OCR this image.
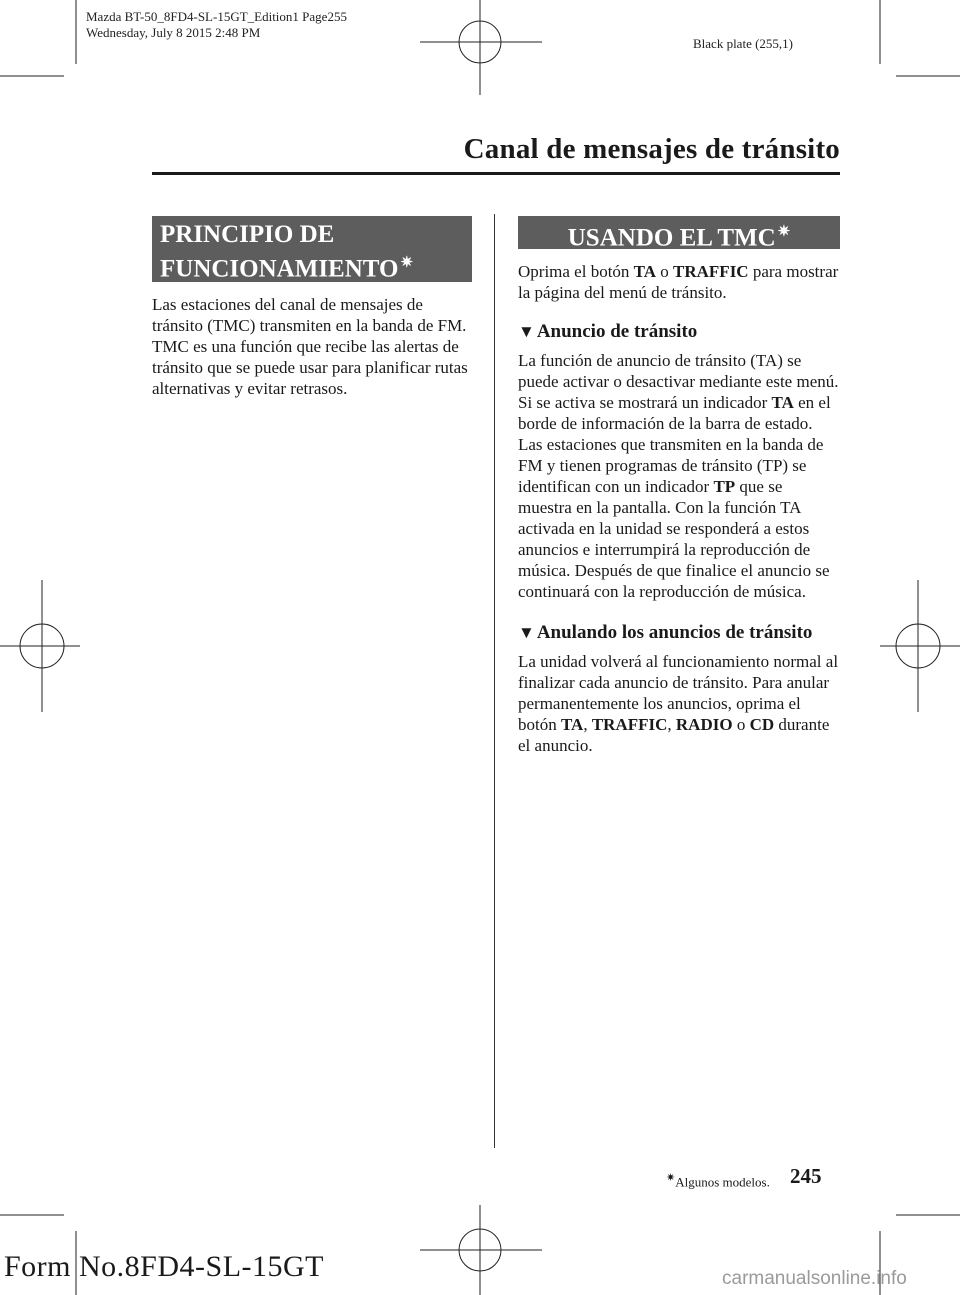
Mazda BT-50_8FD4-SL-15GT_Edition1 Page255
Wednesday, July 8 2015 2:48 PM
Black plate (255,1)
Canal de mensajes de tránsito
PRINCIPIO DE
FUNCIONAMIENTO ✷

Las estaciones del canal de mensajes de tránsito (TMC) transmiten en la banda de FM. TMC es una función que recibe las alertas de tránsito que se puede usar para planificar rutas alternativas y evitar retrasos.

USANDO EL TMC ✷

Oprima el botón TA o TRAFFIC para mostrar la página del menú de tránsito.

▼ Anuncio de tránsito

La función de anuncio de tránsito (TA) se puede activar o desactivar mediante este menú. Si se activa se mostrará un indicador TA en el borde de información de la barra de estado.

Las estaciones que transmiten en la banda de FM y tienen programas de tránsito (TP) se identifican con un indicador TP que se muestra en la pantalla. Con la función TA activada en la unidad se responderá a estos anuncios e interrumpirá la reproducción de música. Después de que finalice el anuncio se continuará con la reproducción de música.

▼ Anulando los anuncios de tránsito

La unidad volverá al funcionamiento normal al finalizar cada anuncio de tránsito. Para anular permanentemente los anuncios, oprima el botón TA, TRAFFIC, RADIO o CD durante el anuncio.

✷Algunos modelos. 245
Form No.8FD4-SL-15GT	carmanualsonline.info
